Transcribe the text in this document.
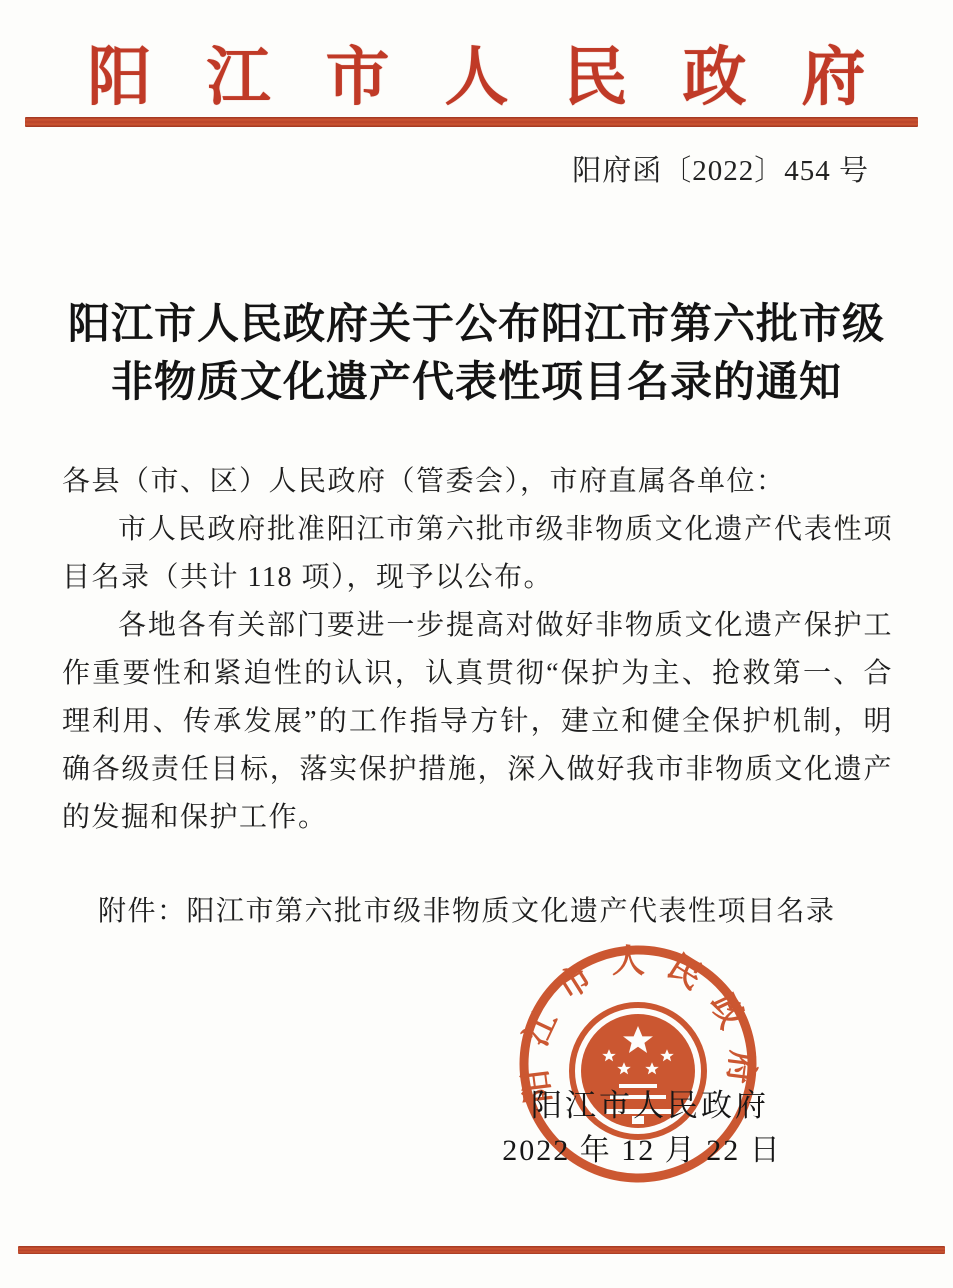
阳江市人民政府
阳府函〔2022〕454 号
阳江市人民政府关于公布阳江市第六批市级
非物质文化遗产代表性项目名录的通知

各县（市、区）人民政府（管委会），市府直属各单位：

市人民政府批准阳江市第六批市级非物质文化遗产代表性项目名录（共计 118 项），现予以公布。

各地各有关部门要进一步提高对做好非物质文化遗产保护工作重要性和紧迫性的认识，认真贯彻“保护为主、抢救第一、合理利用、传承发展”的工作指导方针，建立和健全保护机制，明确各级责任目标，落实保护措施，深入做好我市非物质文化遗产的发掘和保护工作。

附件：阳江市第六批市级非物质文化遗产代表性项目名录

阳江市人民政府
阳江市人民政府
2022 年 12 月 22 日
